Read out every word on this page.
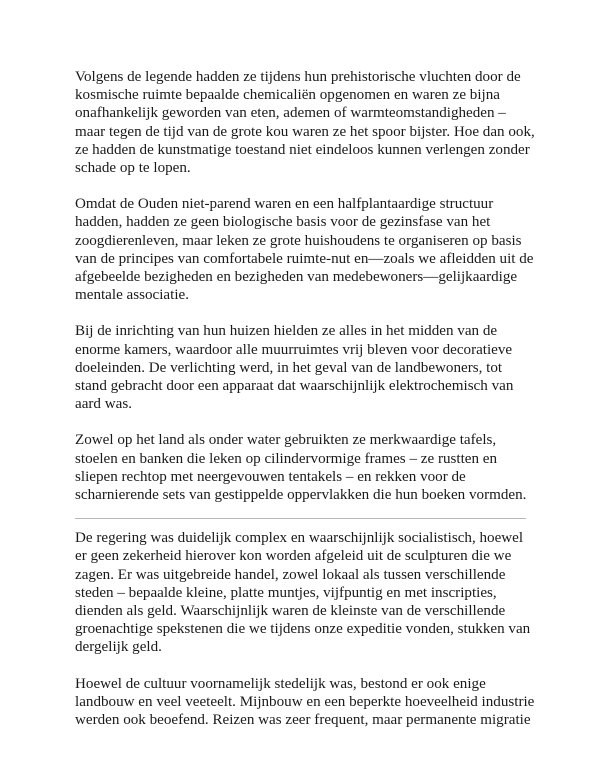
Volgens de legende hadden ze tijdens hun prehistorische vluchten door de
kosmische ruimte bepaalde chemicaliën opgenomen en waren ze bijna
onafhankelijk geworden van eten, ademen of warmteomstandigheden –
maar tegen de tijd van de grote kou waren ze het spoor bijster. Hoe dan ook,
ze hadden de kunstmatige toestand niet eindeloos kunnen verlengen zonder
schade op te lopen.

Omdat de Ouden niet-parend waren en een halfplantaardige structuur
hadden, hadden ze geen biologische basis voor de gezinsfase van het
zoogdierenleven, maar leken ze grote huishoudens te organiseren op basis
van de principes van comfortabele ruimte-nut en—zoals we afleidden uit de
afgebeelde bezigheden en bezigheden van medebewoners—gelijkaardige
mentale associatie.

Bij de inrichting van hun huizen hielden ze alles in het midden van de
enorme kamers, waardoor alle muurruimtes vrij bleven voor decoratieve
doeleinden. De verlichting werd, in het geval van de landbewoners, tot
stand gebracht door een apparaat dat waarschijnlijk elektrochemisch van
aard was.

Zowel op het land als onder water gebruikten ze merkwaardige tafels,
stoelen en banken die leken op cilindervormige frames – ze rustten en
sliepen rechtop met neergevouwen tentakels – en rekken voor de
scharnierende sets van gestippelde oppervlakken die hun boeken vormden.

De regering was duidelijk complex en waarschijnlijk socialistisch, hoewel
er geen zekerheid hierover kon worden afgeleid uit de sculpturen die we
zagen. Er was uitgebreide handel, zowel lokaal als tussen verschillende
steden – bepaalde kleine, platte muntjes, vijfpuntig en met inscripties,
dienden als geld. Waarschijnlijk waren de kleinste van de verschillende
groenachtige spekstenen die we tijdens onze expeditie vonden, stukken van
dergelijk geld.

Hoewel de cultuur voornamelijk stedelijk was, bestond er ook enige
landbouw en veel veeteelt. Mijnbouw en een beperkte hoeveelheid industrie
werden ook beoefend. Reizen was zeer frequent, maar permanente migratie
